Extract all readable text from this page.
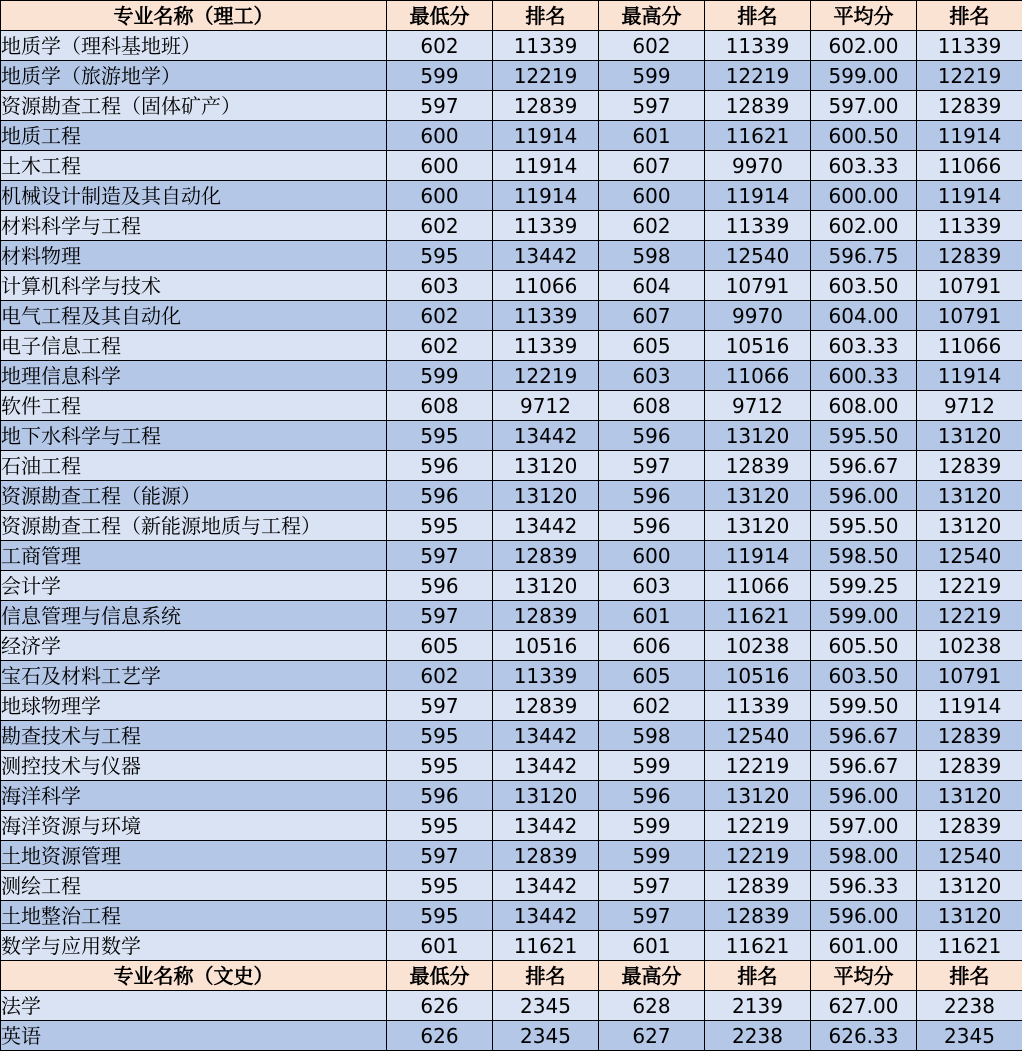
专业名称（理工）	最低分	排名	最高分	排名	平均分	排名
地质学（理科基地班）	602	11339	602	11339	602.00	11339
地质学（旅游地学）	599	12219	599	12219	599.00	12219
资源勘查工程（固体矿产）	597	12839	597	12839	597.00	12839
地质工程	600	11914	601	11621	600.50	11914
土木工程	600	11914	607	9970	603.33	11066
机械设计制造及其自动化	600	11914	600	11914	600.00	11914
材料科学与工程	602	11339	602	11339	602.00	11339
材料物理	595	13442	598	12540	596.75	12839
计算机科学与技术	603	11066	604	10791	603.50	10791
电气工程及其自动化	602	11339	607	9970	604.00	10791
电子信息工程	602	11339	605	10516	603.33	11066
地理信息科学	599	12219	603	11066	600.33	11914
软件工程	608	9712	608	9712	608.00	9712
地下水科学与工程	595	13442	596	13120	595.50	13120
石油工程	596	13120	597	12839	596.67	12839
资源勘查工程（能源）	596	13120	596	13120	596.00	13120
资源勘查工程（新能源地质与工程）	595	13442	596	13120	595.50	13120
工商管理	597	12839	600	11914	598.50	12540
会计学	596	13120	603	11066	599.25	12219
信息管理与信息系统	597	12839	601	11621	599.00	12219
经济学	605	10516	606	10238	605.50	10238
宝石及材料工艺学	602	11339	605	10516	603.50	10791
地球物理学	597	12839	602	11339	599.50	11914
勘查技术与工程	595	13442	598	12540	596.67	12839
测控技术与仪器	595	13442	599	12219	596.67	12839
海洋科学	596	13120	596	13120	596.00	13120
海洋资源与环境	595	13442	599	12219	597.00	12839
土地资源管理	597	12839	599	12219	598.00	12540
测绘工程	595	13442	597	12839	596.33	13120
土地整治工程	595	13442	597	12839	596.00	13120
数学与应用数学	601	11621	601	11621	601.00	11621
专业名称（文史）	最低分	排名	最高分	排名	平均分	排名
法学	626	2345	628	2139	627.00	2238
英语	626	2345	627	2238	626.33	2345
